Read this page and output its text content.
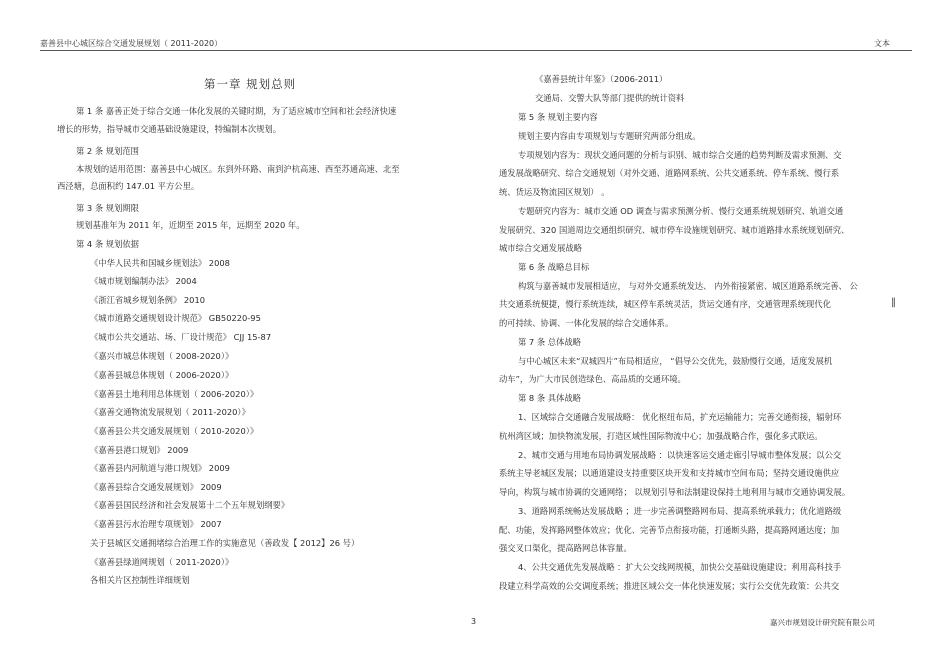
嘉善县中心城区综合交通发展规划（ 2011-2020）	文本
第一章 规划总则
第 1 条 嘉善正处于综合交通一体化发展的关键时期，为了适应城市空间和社会经济快速
增长的形势，指导城市交通基础设施建设，特编制本次规划。
第 2 条 规划范围
本规划的适用范围：嘉善县中心城区。东到外环路、南到沪杭高速、西至苏通高速、北至
西泾塘，总面积约 147.01 平方公里。
第 3 条 规划期限
规划基准年为 2011 年，近期至 2015 年，远期至 2020 年。
第 4 条 规划依据
《中华人民共和国城乡规划法》 2008
《城市规划编制办法》 2004
《浙江省城乡规划条例》 2010
《城市道路交通规划设计规范》 GB50220-95
《城市公共交通站、场、厂设计规范》 CJJ 15-87
《嘉兴市城总体规划（ 2008-2020）》
《嘉善县城总体规划（ 2006-2020）》
《嘉善县土地利用总体规划（ 2006-2020）》
《嘉善交通物流发展规划（ 2011-2020）》
《嘉善县公共交通发展规划（ 2010-2020）》
《嘉善县港口规划》 2009
《嘉善县内河航道与港口规划》 2009
《嘉善县综合交通发展规划》 2009
《嘉善县国民经济和社会发展第十二个五年规划纲要》
《嘉善县污水治理专项规划》 2007
关于县城区交通拥堵综合治理工作的实施意见（善政发【 2012】26 号）
《嘉善县绿道网规划（ 2011-2020）》
各相关片区控制性详细规划
《嘉善县统计年鉴》（2006-2011）
交通局、交警大队等部门提供的统计资料
第 5 条 规划主要内容
规划主要内容由专项规划与专题研究两部分组成。
专项规划内容为：现状交通问题的分析与识别、城市综合交通的趋势判断及需求预测、交
通发展战略研究、综合交通规划（对外交通、道路网系统、公共交通系统、停车系统、慢行系
统、货运及物流园区规划） 。
专题研究内容为：城市交通 OD 调查与需求预测分析、慢行交通系统规划研究、轨道交通
发展研究、320 国道周边交通组织研究、城市停车设施规划研究、城市道路排水系统规划研究、
城市综合交通发展战略
第 6 条 战略总目标
构筑与嘉善城市发展相适应， 与对外交通系统发达、 内外衔接紧密、城区道路系统完善、 公
共交通系统便捷，慢行系统连续，城区停车系统灵活，货运交通有序，交通管理系统现代化
的可持续、协调、一体化发展的综合交通体系。
第 7 条 总体战略
与中心城区未来“双城四片”布局相适应， “倡导公交优先，鼓励慢行交通，适度发展机
动车”，为广大市民创造绿色、高品质的交通环境。
第 8 条 具体战略
1、区域综合交通融合发展战略： 优化枢纽布局，扩充运输能力；完善交通衔接，辐射环
杭州湾区域；加快物流发展，打造区域性国际物流中心；加强战略合作，强化多式联运。
2、城市交通与用地布局协调发展战略 ：以快速客运交通走廊引导城市整体发展；以公交
系统主导老城区发展；以通道建设支持重要区块开发和支持城市空间布局；坚持交通设施供应
导向，构筑与城市协调的交通网络； 以规划引导和法制建设保持土地利用与城市交通协调发展。
3、道路网系统畅达发展战略 ；进一步完善调整路网布局、提高系统承载力；优化道路级
配、功能，发挥路网整体效应；优化、完善节点衔接功能，打通断头路，提高路网通达度；加
强交叉口渠化，提高路网总体容量。
4、公共交通优先发展战略 ：扩大公交线网规模，加快公交基础设施建设；利用高科技手
段建立科学高效的公交调度系统；推进区域公交一体化快速发展；实行公交优先政策：公共交
‖
3	嘉兴市规划设计研究院有限公司
